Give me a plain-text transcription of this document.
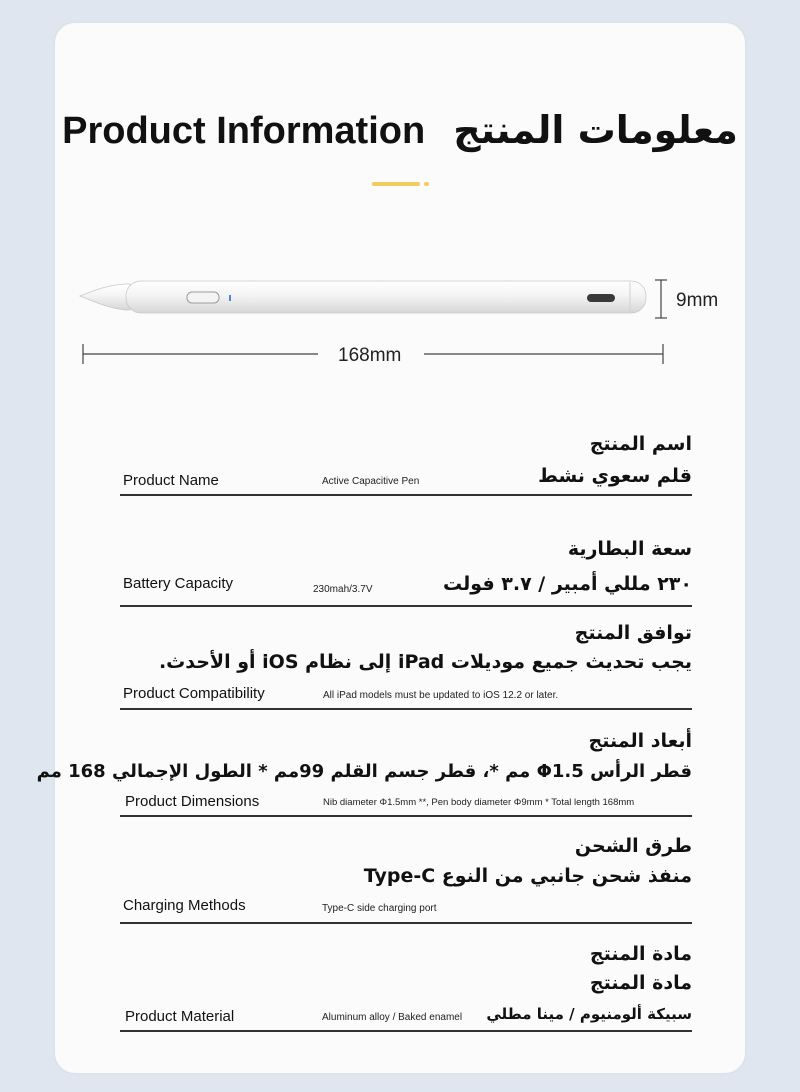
Product Information معلومات المنتج
9mm
168mm
اسم المنتج
قلم سعوي نشط
Product Name	Active Capacitive Pen
سعة البطارية
٢٣٠ مللي أمبير / ٣.٧ فولت
Battery Capacity	230mah/3.7V
توافق المنتج
يجب تحديث جميع موديلات iPad إلى نظام iOS أو الأحدث.
Product Compatibility	All iPad models must be updated to iOS 12.2 or later.
أبعاد المنتج
قطر الرأس Φ1.5 مم *، قطر جسم القلم 99مم * الطول الإجمالي 168 مم
Product Dimensions	Nib diameter Φ1.5mm **, Pen body diameter Φ9mm * Total length 168mm
طرق الشحن
منفذ شحن جانبي من النوع Type-C
Charging Methods	Type-C side charging port
مادة المنتج
مادة المنتج
سبيكة ألومنيوم / مينا مطلي
Product Material	Aluminum alloy / Baked enamel
